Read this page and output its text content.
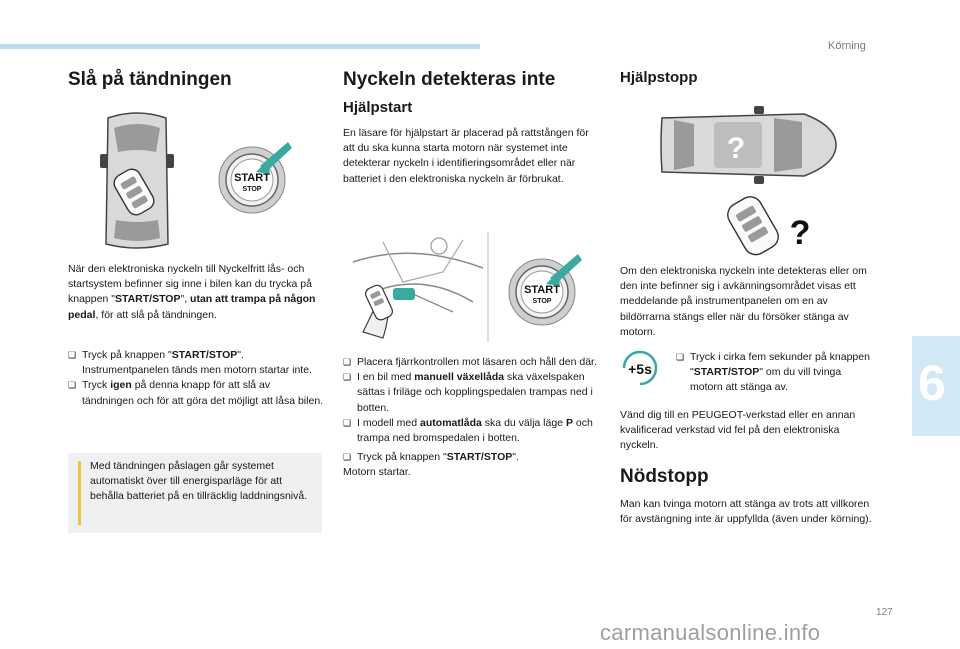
Körning
6
127
carmanualsonline.info
Slå på tändningen
START
STOP

När den elektroniska nyckeln till Nyckelfritt lås- och startsystem befinner sig inne i bilen kan du trycka på knappen "START/STOP", utan att trampa på någon pedal, för att slå på tändningen.

❑ Tryck på knappen "START/STOP". Instrumentpanelen tänds men motorn startar inte.
❑ Tryck igen på denna knapp för att slå av tändningen och för att göra det möjligt att låsa bilen.
Med tändningen påslagen går systemet automatiskt över till energisparläge för att behålla batteriet på en tillräcklig laddningsnivå.
Nyckeln detekteras inte
Hjälpstart
En läsare för hjälpstart är placerad på rattstången för att du ska kunna starta motorn när systemet inte detekterar nyckeln i identifieringsområdet eller när batteriet i den elektroniska nyckeln är förbrukat.
START
STOP
❑ Placera fjärrkontrollen mot läsaren och håll den där.
❑ I en bil med manuell växellåda ska växelspaken sättas i friläge och kopplingspedalen trampas ned i botten.
❑ I modell med automatlåda ska du välja läge P och trampa ned bromspedalen i botten.
❑ Tryck på knappen "START/STOP".

Motorn startar.

Hjälpstopp
?
?
Om den elektroniska nyckeln inte detekteras eller om den inte befinner sig i avkänningsområdet visas ett meddelande på instrumentpanelen om en av bildörrarna stängs eller när du försöker stänga av motorn.
+5s
❑ Tryck i cirka fem sekunder på knappen "START/STOP" om du vill tvinga motorn att stänga av.
Vänd dig till en PEUGEOT-verkstad eller en annan kvalificerad verkstad vid fel på den elektroniska nyckeln.
Nödstopp
Man kan tvinga motorn att stänga av trots att villkoren för avstängning inte är uppfyllda (även under körning).
